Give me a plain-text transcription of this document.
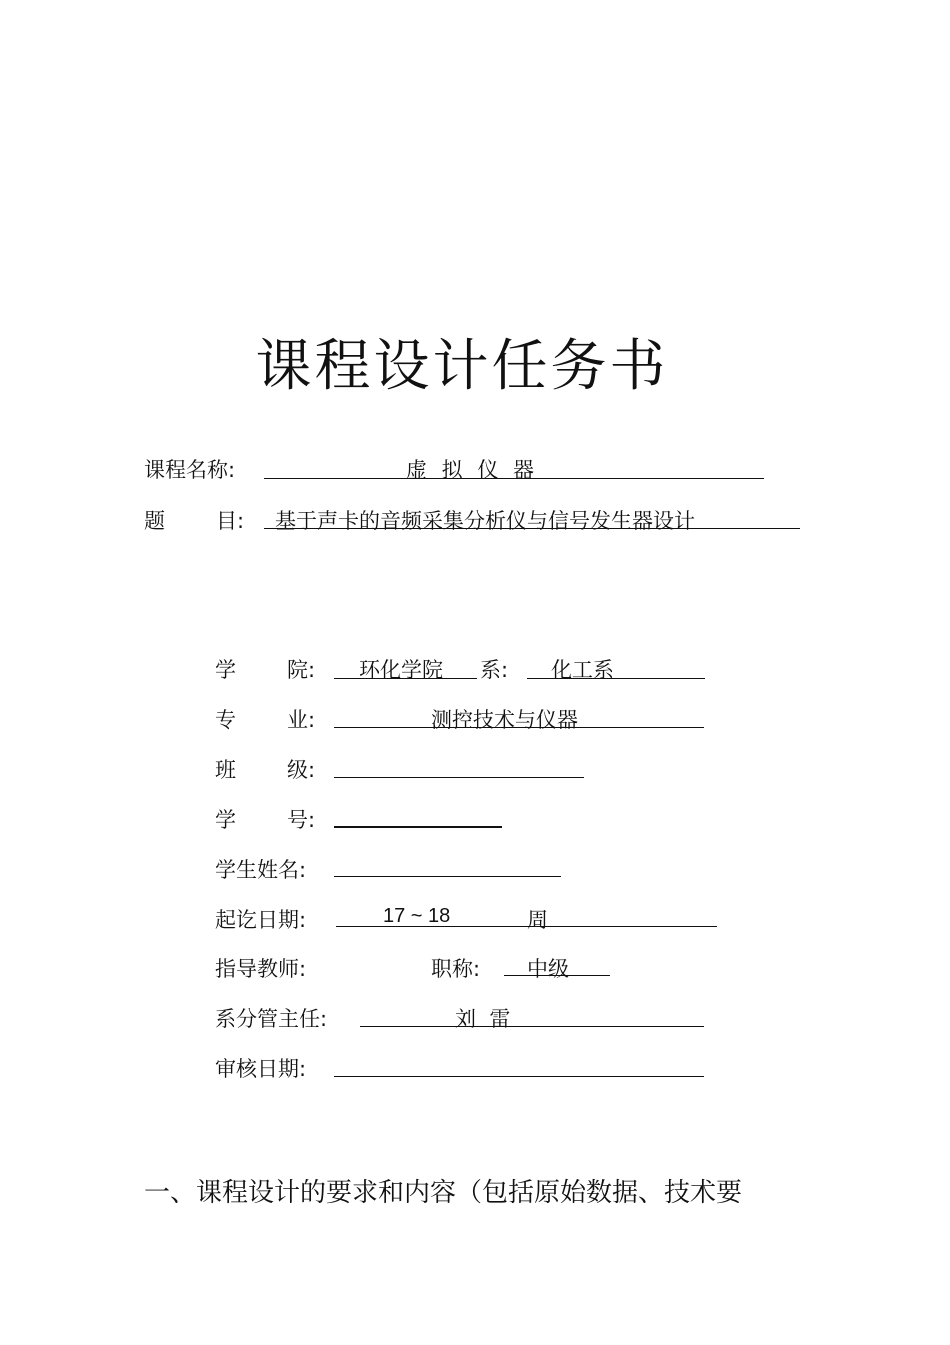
课程设计任务书
课程名称:	虚 拟 仪 器
题 目: 基于声卡的音频采集分析仪与信号发生器设计
学 院: 环化学院 系: 化工系
专 业:	测控技术与仪器
班 级:
学 号:
学生姓名:
起讫日期:	17 ~ 18	周
指导教师:	职称: 中级
系分管主任:	刘  雷
审核日期:
一、课程设计的要求和内容（包括原始数据、技术要
